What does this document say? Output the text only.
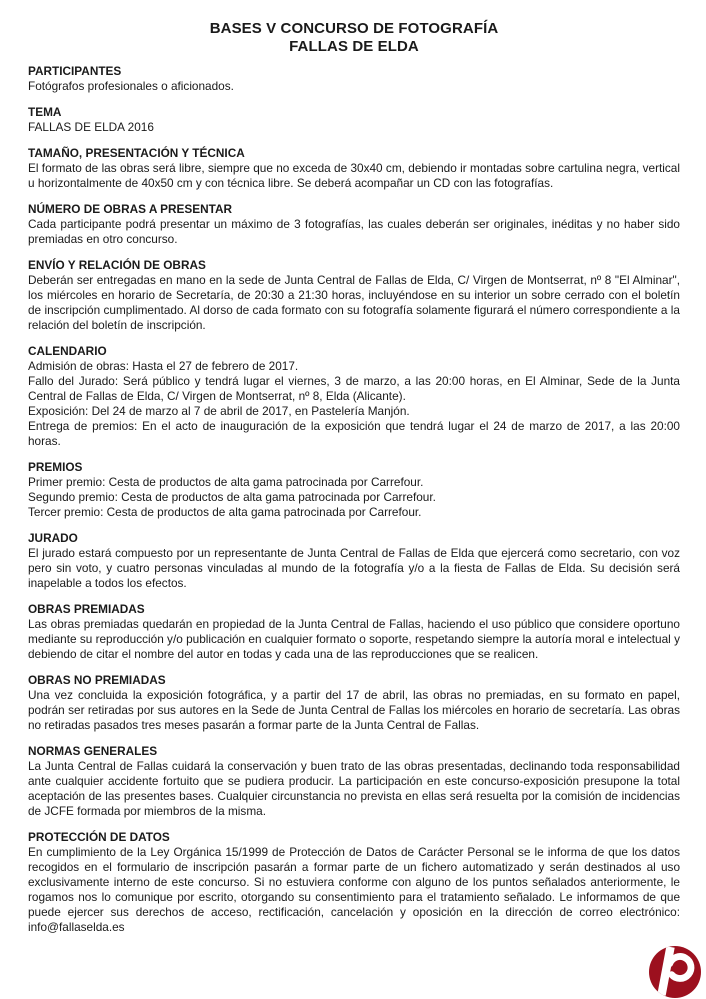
BASES V CONCURSO DE FOTOGRAFÍA
FALLAS DE ELDA
PARTICIPANTES

Fotógrafos profesionales o aficionados.

TEMA

FALLAS DE ELDA 2016

TAMAÑO, PRESENTACIÓN Y TÉCNICA

El formato de las obras será libre, siempre que no exceda de 30x40 cm, debiendo ir montadas sobre cartulina negra, vertical u horizontalmente de 40x50 cm y con técnica libre. Se deberá acompañar un CD con las fotografías.

NÚMERO DE OBRAS A PRESENTAR

Cada participante podrá presentar un máximo de 3 fotografías, las cuales deberán ser originales, inéditas y no haber sido premiadas en otro concurso.

ENVÍO Y RELACIÓN DE OBRAS

Deberán ser entregadas en mano en la sede de Junta Central de Fallas de Elda, C/ Virgen de Montserrat, nº 8 "El Alminar", los miércoles en horario de Secretaría, de 20:30 a 21:30 horas, incluyéndose en su interior un sobre cerrado con el boletín de inscripción cumplimentado. Al dorso de cada formato con su fotografía solamente figurará el número correspondiente a la relación del boletín de inscripción.

CALENDARIO

Admisión de obras: Hasta el 27 de febrero de 2017.

Fallo del Jurado: Será público y tendrá lugar el viernes, 3 de marzo, a las 20:00 horas, en El Alminar, Sede de la Junta Central de Fallas de Elda, C/ Virgen de Montserrat, nº 8, Elda (Alicante).

Exposición: Del 24 de marzo al 7 de abril de 2017, en Pastelería Manjón.

Entrega de premios: En el acto de inauguración de la exposición que tendrá lugar el 24 de marzo de 2017, a las 20:00 horas.

PREMIOS

Primer premio: Cesta de productos de alta gama patrocinada por Carrefour.

Segundo premio: Cesta de productos de alta gama patrocinada por Carrefour.

Tercer premio: Cesta de productos de alta gama patrocinada por Carrefour.

JURADO

El jurado estará compuesto por un representante de Junta Central de Fallas de Elda que ejercerá como secretario, con voz pero sin voto, y cuatro personas vinculadas al mundo de la fotografía y/o a la fiesta de Fallas de Elda. Su decisión será inapelable a todos los efectos.

OBRAS PREMIADAS

Las obras premiadas quedarán en propiedad de la Junta Central de Fallas, haciendo el uso público que considere oportuno mediante su reproducción y/o publicación en cualquier formato o soporte, respetando siempre la autoría moral e intelectual y debiendo de citar el nombre del autor en todas y cada una de las reproducciones que se realicen.

OBRAS NO PREMIADAS

Una vez concluida la exposición fotográfica, y a partir del 17 de abril, las obras no premiadas, en su formato en papel, podrán ser retiradas por sus autores en la Sede de Junta Central de Fallas los miércoles en horario de secretaría. Las obras no retiradas pasados tres meses pasarán a formar parte de la Junta Central de Fallas.

NORMAS GENERALES

La Junta Central de Fallas cuidará la conservación y buen trato de las obras presentadas, declinando toda responsabilidad ante cualquier accidente fortuito que se pudiera producir. La participación en este concurso-exposición presupone la total aceptación de las presentes bases. Cualquier circunstancia no prevista en ellas será resuelta por la comisión de incidencias de JCFE formada por miembros de la misma.

PROTECCIÓN DE DATOS

En cumplimiento de la Ley Orgánica 15/1999 de Protección de Datos de Carácter Personal se le informa de que los datos recogidos en el formulario de inscripción pasarán a formar parte de un fichero automatizado y serán destinados al uso exclusivamente interno de este concurso. Si no estuviera conforme con alguno de los puntos señalados anteriormente, le rogamos nos lo comunique por escrito, otorgando su consentimiento para el tratamiento señalado. Le informamos de que puede ejercer sus derechos de acceso, rectificación, cancelación y oposición en la dirección de correo electrónico: info@fallaselda.es
